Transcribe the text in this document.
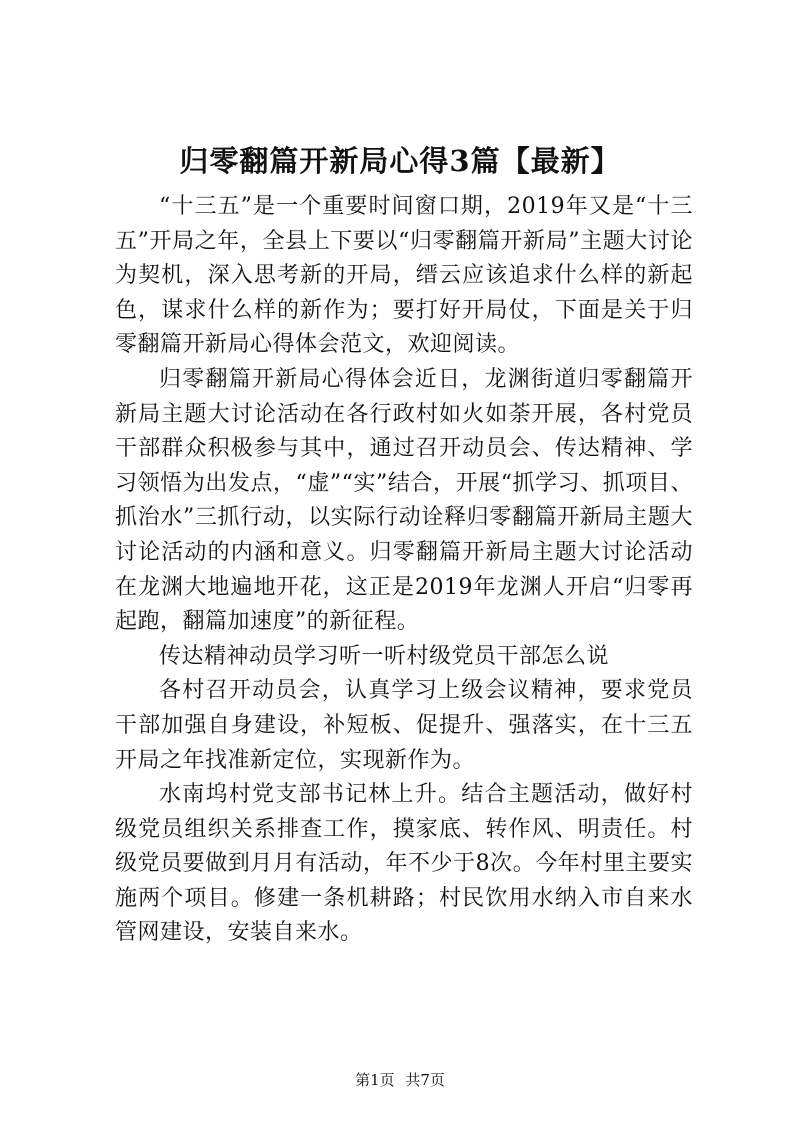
归零翻篇开新局心得3篇【最新】

“十三五”是一个重要时间窗口期，2019年又是“十三五”开局之年，全县上下要以“归零翻篇开新局”主题大讨论为契机，深入思考新的开局，缙云应该追求什么样的新起色，谋求什么样的新作为；要打好开局仗，下面是关于归零翻篇开新局心得体会范文，欢迎阅读。

归零翻篇开新局心得体会近日，龙渊街道归零翻篇开新局主题大讨论活动在各行政村如火如荼开展，各村党员干部群众积极参与其中，通过召开动员会、传达精神、学习领悟为出发点，“虚”“实”结合，开展“抓学习、抓项目、抓治水”三抓行动，以实际行动诠释归零翻篇开新局主题大讨论活动的内涵和意义。归零翻篇开新局主题大讨论活动在龙渊大地遍地开花，这正是2019年龙渊人开启“归零再起跑，翻篇加速度”的新征程。

传达精神动员学习听一听村级党员干部怎么说

各村召开动员会，认真学习上级会议精神，要求党员干部加强自身建设，补短板、促提升、强落实，在十三五开局之年找准新定位，实现新作为。

水南坞村党支部书记林上升。结合主题活动，做好村级党员组织关系排查工作，摸家底、转作风、明责任。村级党员要做到月月有活动，年不少于8次。今年村里主要实施两个项目。修建一条机耕路；村民饮用水纳入市自来水管网建设，安装自来水。

第1页 共7页
